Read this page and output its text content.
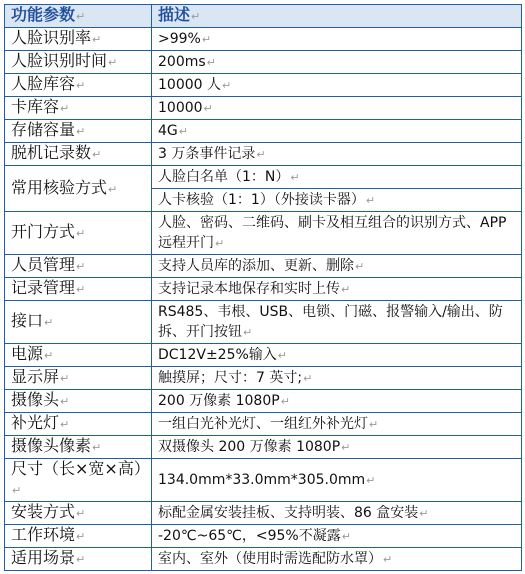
功能参数↵	描述↵
人脸识别率↵	>99%↵
人脸识别时间↵	200ms↵
人脸库容↵	10000 人↵
卡库容↵	10000↵
存储容量↵	4G↵
脱机记录数↵	3 万条事件记录↵
常用核验方式↵	人脸白名单（1：N）↵
	人卡核验（1：1）（外接读卡器）↵
开门方式↵	人脸、密码、二维码、刷卡及相互组合的识别方式、APP 远程开门↵
人员管理↵	支持人员库的添加、更新、删除↵
记录管理↵	支持记录本地保存和实时上传↵
接口↵	RS485、韦根、USB、电锁、门磁、报警输入/输出、防拆、开门按钮↵
电源↵	DC12V±25%输入↵
显示屏↵	触摸屏；尺寸：7 英寸;↵
摄像头↵	200 万像素 1080P↵
补光灯↵	一组白光补光灯、一组红外补光灯↵
摄像头像素↵	双摄像头 200 万像素 1080P↵
尺寸（长×宽×高）↵	134.0mm*33.0mm*305.0mm↵
安装方式↵	标配金属安装挂板、支持明装、86 盒安装↵
工作环境↵	-20℃~65℃，<95%不凝露↵
适用场景↵	室内、室外（使用时需选配防水罩）↵
